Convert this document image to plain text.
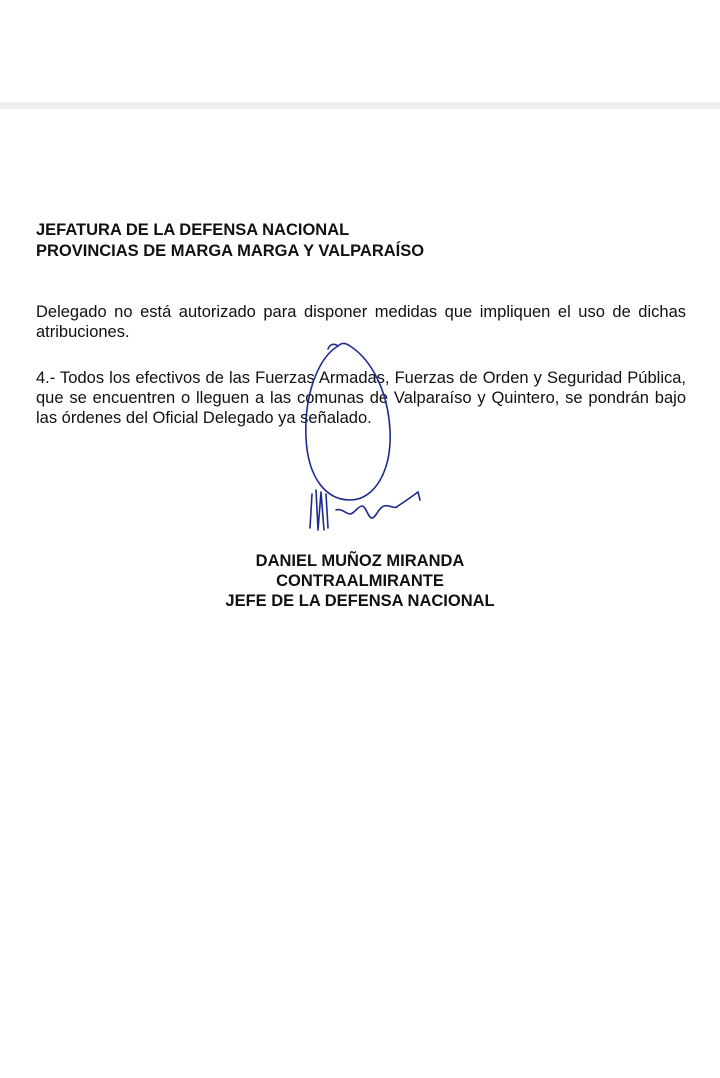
JEFATURA DE LA DEFENSA NACIONAL
PROVINCIAS DE MARGA MARGA Y VALPARAÍSO
Delegado no está autorizado para disponer medidas que impliquen el uso de dichas atribuciones.
4.- Todos los efectivos de las Fuerzas Armadas, Fuerzas de Orden y Seguridad Pública, que se encuentren o lleguen a las comunas de Valparaíso y Quintero, se pondrán bajo las órdenes del Oficial Delegado ya señalado.
DANIEL MUÑOZ MIRANDA
CONTRAALMIRANTE
JEFE DE LA DEFENSA NACIONAL
